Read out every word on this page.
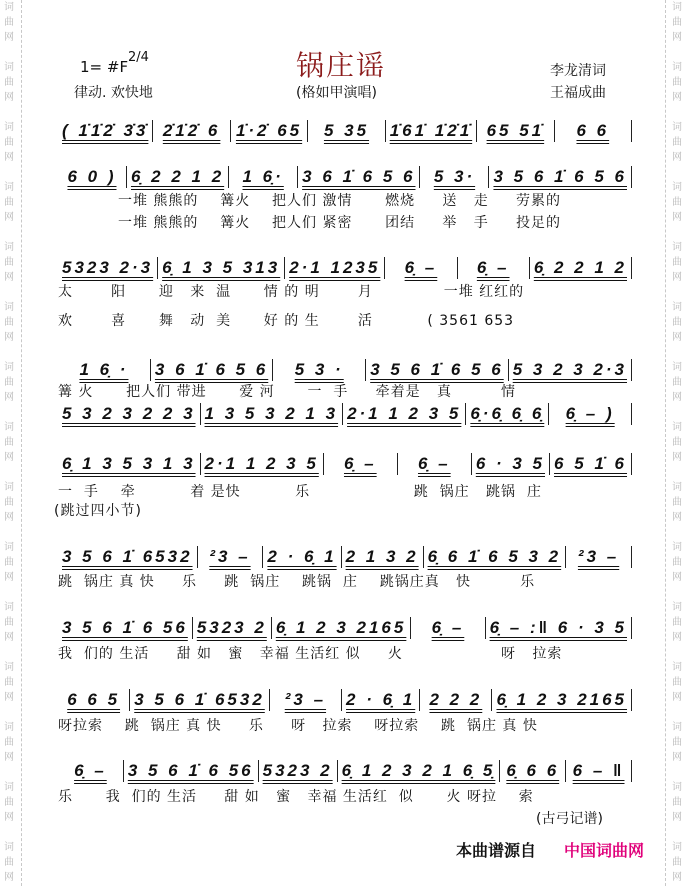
词
曲
网
词
曲
网
词
曲
网
词
曲
网
词
曲
网
词
曲
网
词
曲
网
词
曲
网
词
曲
网
词
曲
网
词
曲
网
词
曲
网
词
曲
网
词
曲
网
词
曲
网
词
曲
网
词
曲
网
词
曲
网
词
曲
网
词
曲
网
词
曲
网
词
曲
网
词
曲
网
词
曲
网
词
曲
网
词
曲
网
词
曲
网
词
曲
网
词
曲
网
词
曲
网
1= #F
2/4
律动. 欢快地
锅庄谣
(格如甲演唱)
李龙清词
王福成曲
( 1̇1̇2̇ 3̇3̇ 2̇1̇2̇ 6 1̇·2̇ 65	5 35	1̇61̇ 1̇2̇1̇ 65 51̇	6 6
6 0 ) 6̣ 2 2 1 2	1 6̣·	3 6 1̇ 6 5 6	5 3·	3 5 6 1̇ 6 5 6
一堆 熊熊的    篝火    把人们 激情      燃烧     送   走     劳累的
一堆 熊熊的    篝火    把人们 紧密      团结     举   手     投足的
5323 2·3 6̣ 1 3 5 313 2·1 1235	6̣ –	6̣ –	6̣ 2 2 1 2
太       阳      迎   来  温      情 的 明       月             一堆 红红的
欢       喜      舞   动  美      好 的 生       活          ( 3561̇ 653
1 6̣ ·	3 6 1̇ 6 5 6	5 3 ·	3 5 6 1̇ 6 5 6 5 3 2 3 2·3
篝 火      把人们 带进      爱 河      一  手     牵着是   真         情
5 3 2 3 2 2 3 1 3 5 3 2 1 3 2·1 1 2 3 5 6̣·6̣ 6̣ 6̣	6̣ – )
6̣ 1 3 5 3 1 3 2·1 1 2 3 5	6̣ –	6̣ –	6 · 3 5 6 5 1̇ 6
一  手    牵          着 是快          乐                   跳  锅庄   跳锅  庄
(跳过四小节)
3 5 6 1̇ 6532 ²3 – 2 · 6̣ 1 2 1 3 2 6̣ 6 1̇ 6 5 3 2 ²3 –
跳  锅庄 真 快     乐     跳  锅庄    跳锅  庄    跳锅庄真   快         乐
3 5 6 1̇ 6 56 5323 2 6̣ 1 2 3 2165	6̣ –	6̣ – :‖ 6 · 3 5
我  们的 生活     甜 如   蜜   幸福 生活红 似     火                  呀   拉索
6 6 5 3 5 6 1̇ 6532	²3 –	2 · 6̣ 1 2 2 2 6̣ 1 2 3 2165
呀拉索    跳  锅庄 真 快     乐     呀   拉索    呀拉索    跳  锅庄 真 快
6̣ –	3 5 6 1̇ 6 56 5323 2 6̣ 1 2 3 2 1 6̣ 5̣ 6̣ 6 6 6 – ‖
乐      我  们的 生活     甜 如   蜜   幸福 生活红  似      火 呀拉    索
(古弓记谱)
本曲谱源自 中国词曲网
